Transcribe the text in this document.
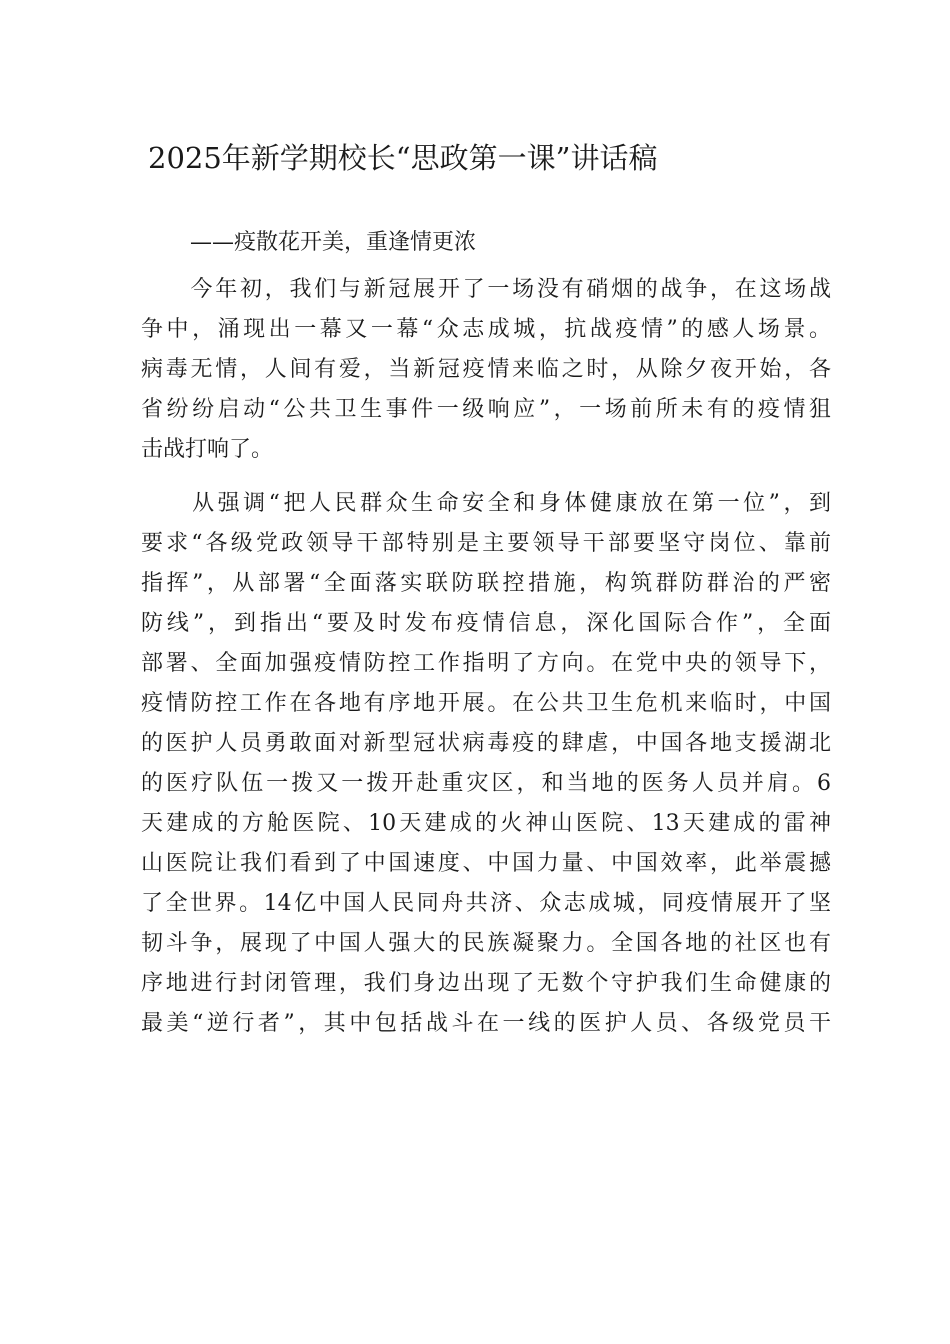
2025年新学期校长“思政第一课”讲话稿
——疫散花开美，重逢情更浓
　　今年初，我们与新冠展开了一场没有硝烟的战争，在这场战
争中，涌现出一幕又一幕“众志成城，抗战疫情”的感人场景。
病毒无情，人间有爱，当新冠疫情来临之时，从除夕夜开始，各
省纷纷启动“公共卫生事件一级响应”，一场前所未有的疫情狙
击战打响了。
　　从强调“把人民群众生命安全和身体健康放在第一位”，到
要求“各级党政领导干部特别是主要领导干部要坚守岗位、靠前
指挥”，从部署“全面落实联防联控措施，构筑群防群治的严密
防线”，到指出“要及时发布疫情信息，深化国际合作”，全面
部署、全面加强疫情防控工作指明了方向。在党中央的领导下，
疫情防控工作在各地有序地开展。在公共卫生危机来临时，中国
的医护人员勇敢面对新型冠状病毒疫的肆虐，中国各地支援湖北
的医疗队伍一拨又一拨开赴重灾区，和当地的医务人员并肩。6
天建成的方舱医院、10天建成的火神山医院、13天建成的雷神
山医院让我们看到了中国速度、中国力量、中国效率，此举震撼
了全世界。14亿中国人民同舟共济、众志成城，同疫情展开了坚
韧斗争，展现了中国人强大的民族凝聚力。全国各地的社区也有
序地进行封闭管理，我们身边出现了无数个守护我们生命健康的
最美“逆行者”，其中包括战斗在一线的医护人员、各级党员干
